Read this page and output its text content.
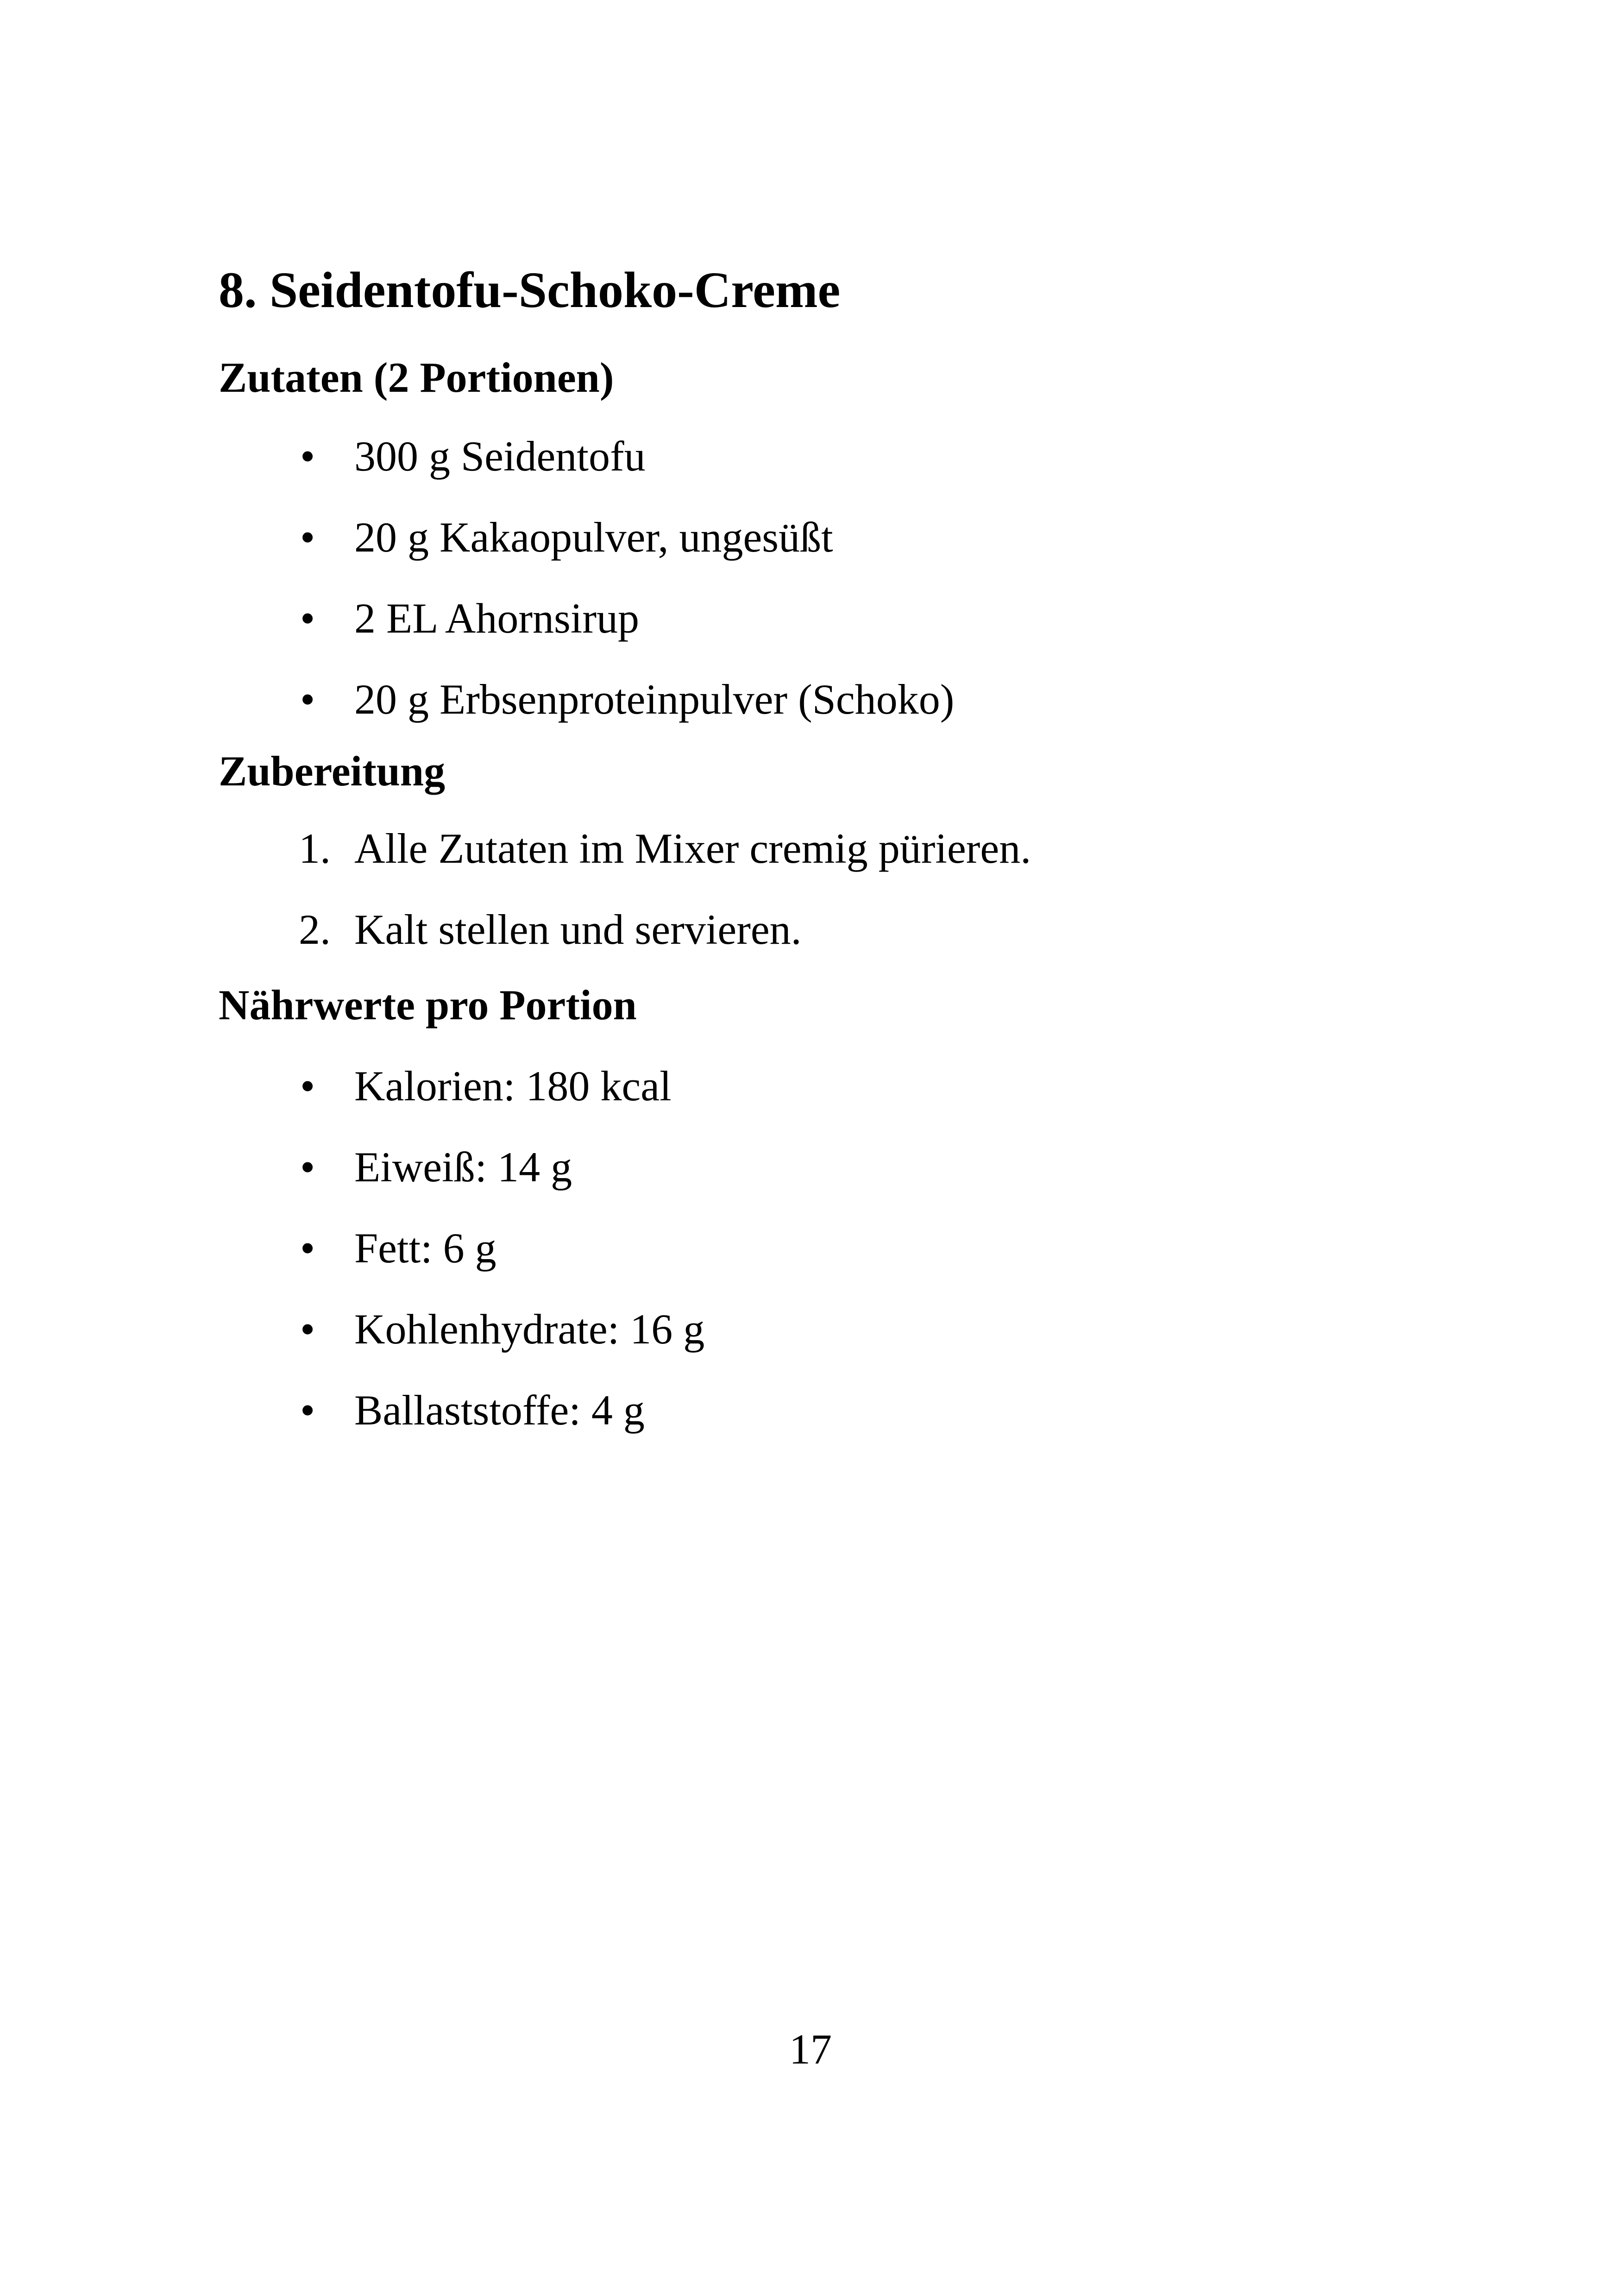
8. Seidentofu-Schoko-Creme
Zutaten (2 Portionen)
• 300 g Seidentofu
• 20 g Kakaopulver, ungesüßt
• 2 EL Ahornsirup
• 20 g Erbsenproteinpulver (Schoko)
Zubereitung
1. Alle Zutaten im Mixer cremig pürieren.
2. Kalt stellen und servieren.
Nährwerte pro Portion
• Kalorien: 180 kcal
• Eiweiß: 14 g
• Fett: 6 g
• Kohlenhydrate: 16 g
• Ballaststoffe: 4 g

17
